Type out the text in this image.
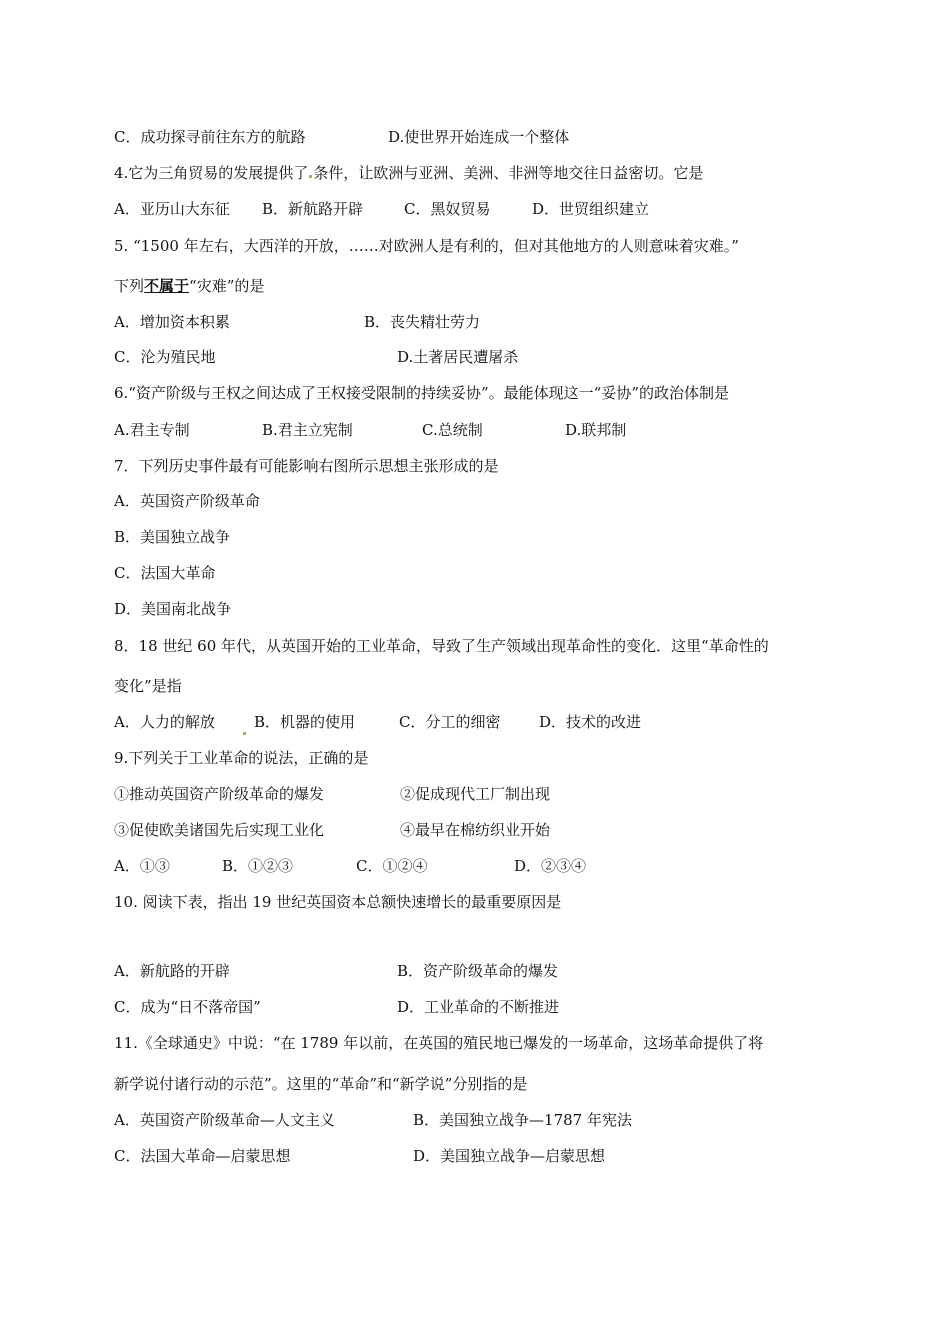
C．成功探寻前往东方的航路	D.使世界开始连成一个整体
4.它为三角贸易的发展提供了 条件，让欧洲与亚洲、美洲、非洲等地交往日益密切。它是
A．亚历山大东征 B．新航路开辟	C．黑奴贸易	D．世贸组织建立
5. “1500 年左右，大西洋的开放，……对欧洲人是有利的，但对其他地方的人则意味着灾难。”
下列不属于“灾难”的是
A．增加资本积累	B．丧失精壮劳力
C．沦为殖民地	D.土著居民遭屠杀
6.“资产阶级与王权之间达成了王权接受限制的持续妥协”。最能体现这一“妥协”的政治体制是
A.君主专制	B.君主立宪制	C.总统制	D.联邦制
7．下列历史事件最有可能影响右图所示思想主张形成的是
A．英国资产阶级革命
B．美国独立战争
C．法国大革命
D．美国南北战争
8．18 世纪 60 年代，从英国开始的工业革命，导致了生产领域出现革命性的变化．这里“革命性的
变化”是指
A．人力的解放	B．机器的使用	C．分工的细密	D．技术的改进
9.下列关于工业革命的说法，正确的是
①推动英国资产阶级革命的爆发	②促成现代工厂制出现
③促使欧美诸国先后实现工业化	④最早在棉纺织业开始
A．①③	B．①②③	C．①②④	D．②③④
10. 阅读下表，指出 19 世纪英国资本总额快速增长的最重要原因是
A．新航路的开辟	B．资产阶级革命的爆发
C．成为“日不落帝国”	D．工业革命的不断推进
11.《全球通史》中说：“在 1789 年以前，在英国的殖民地已爆发的一场革命，这场革命提供了将
新学说付诸行动的示范”。这里的“革命”和“新学说”分别指的是
A．英国资产阶级革命—人文主义	B．美国独立战争—1787 年宪法
C．法国大革命—启蒙思想	D．美国独立战争—启蒙思想
